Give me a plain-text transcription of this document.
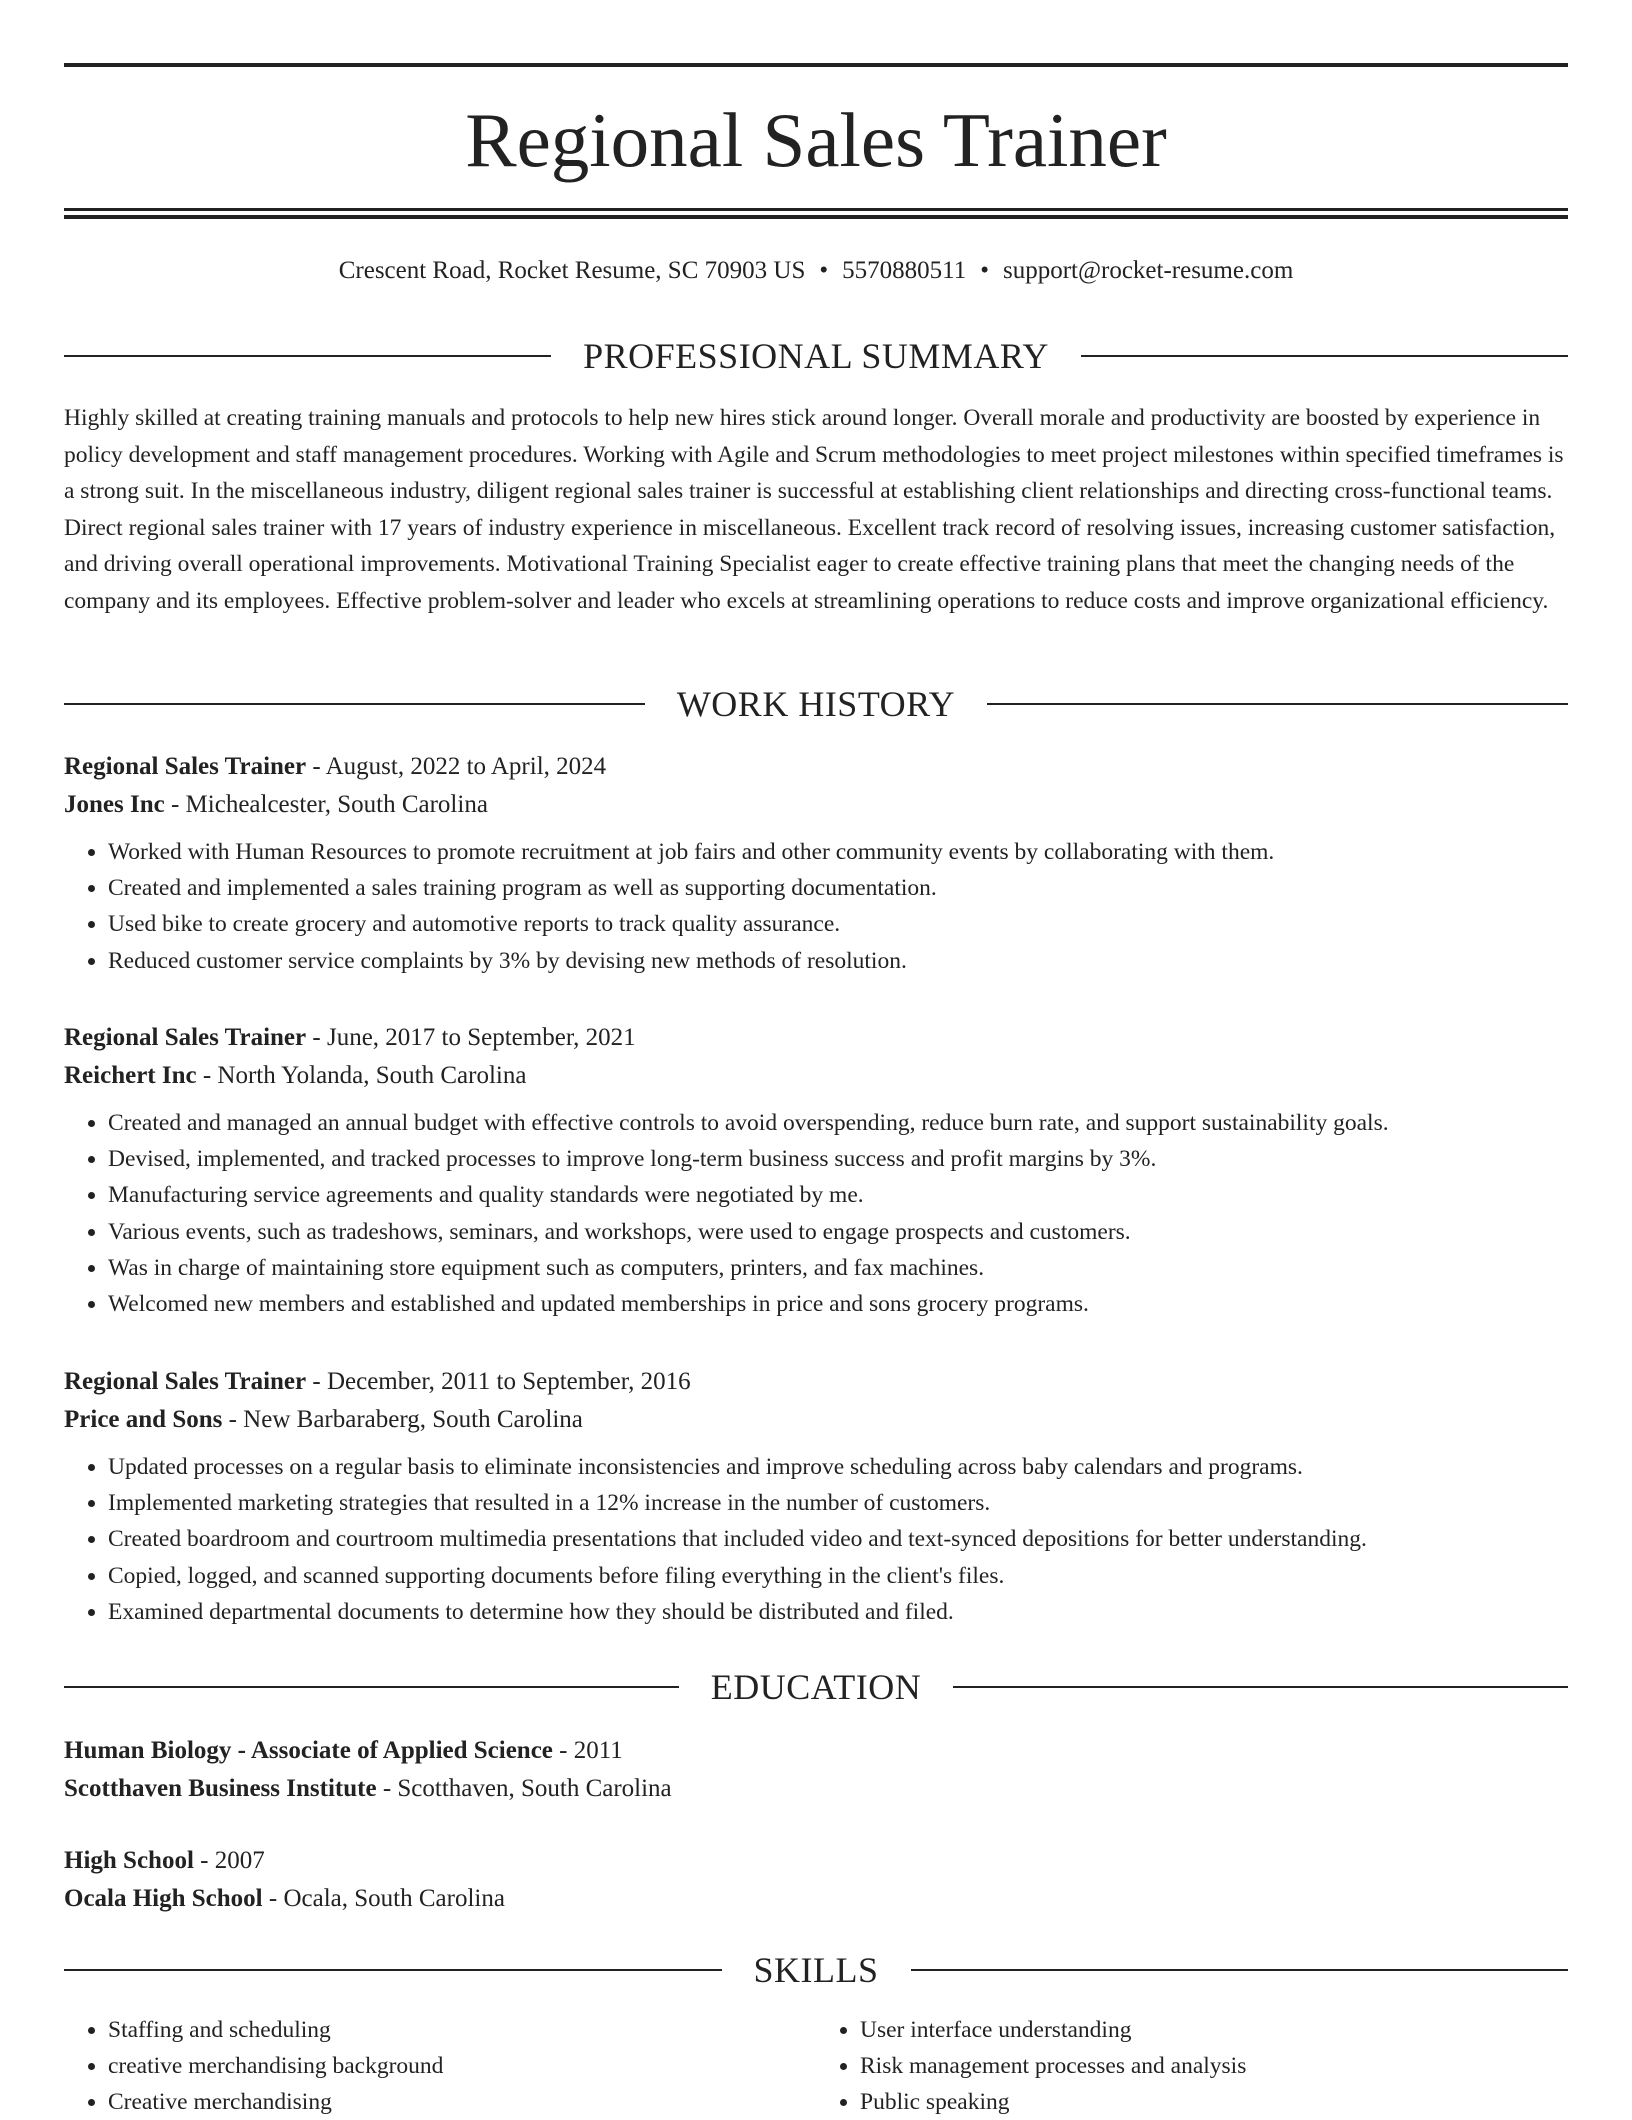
Regional Sales Trainer
Crescent Road, Rocket Resume, SC 70903 US • 5570880511 • support@rocket-resume.com
PROFESSIONAL SUMMARY

Highly skilled at creating training manuals and protocols to help new hires stick around longer. Overall morale and productivity are boosted by experience in policy development and staff management procedures. Working with Agile and Scrum methodologies to meet project milestones within specified timeframes is a strong suit. In the miscellaneous industry, diligent regional sales trainer is successful at establishing client relationships and directing cross-functional teams. Direct regional sales trainer with 17 years of industry experience in miscellaneous. Excellent track record of resolving issues, increasing customer satisfaction, and driving overall operational improvements. Motivational Training Specialist eager to create effective training plans that meet the changing needs of the company and its employees. Effective problem-solver and leader who excels at streamlining operations to reduce costs and improve organizational efficiency.

WORK HISTORY

Regional Sales Trainer - August, 2022 to April, 2024

Jones Inc - Michealcester, South Carolina

• Worked with Human Resources to promote recruitment at job fairs and other community events by collaborating with them.
• Created and implemented a sales training program as well as supporting documentation.
• Used bike to create grocery and automotive reports to track quality assurance.
• Reduced customer service complaints by 3% by devising new methods of resolution.

Regional Sales Trainer - June, 2017 to September, 2021

Reichert Inc - North Yolanda, South Carolina

• Created and managed an annual budget with effective controls to avoid overspending, reduce burn rate, and support sustainability goals.
• Devised, implemented, and tracked processes to improve long-term business success and profit margins by 3%.
• Manufacturing service agreements and quality standards were negotiated by me.
• Various events, such as tradeshows, seminars, and workshops, were used to engage prospects and customers.
• Was in charge of maintaining store equipment such as computers, printers, and fax machines.
• Welcomed new members and established and updated memberships in price and sons grocery programs.

Regional Sales Trainer - December, 2011 to September, 2016

Price and Sons - New Barbaraberg, South Carolina

• Updated processes on a regular basis to eliminate inconsistencies and improve scheduling across baby calendars and programs.
• Implemented marketing strategies that resulted in a 12% increase in the number of customers.
• Created boardroom and courtroom multimedia presentations that included video and text-synced depositions for better understanding.
• Copied, logged, and scanned supporting documents before filing everything in the client's files.
• Examined departmental documents to determine how they should be distributed and filed.
EDUCATION

Human Biology - Associate of Applied Science - 2011

Scotthaven Business Institute - Scotthaven, South Carolina

High School - 2007

Ocala High School - Ocala, South Carolina

SKILLS
• Staffing and scheduling
• creative merchandising background
• Creative merchandising
• User interface understanding
• Risk management processes and analysis
• Public speaking
